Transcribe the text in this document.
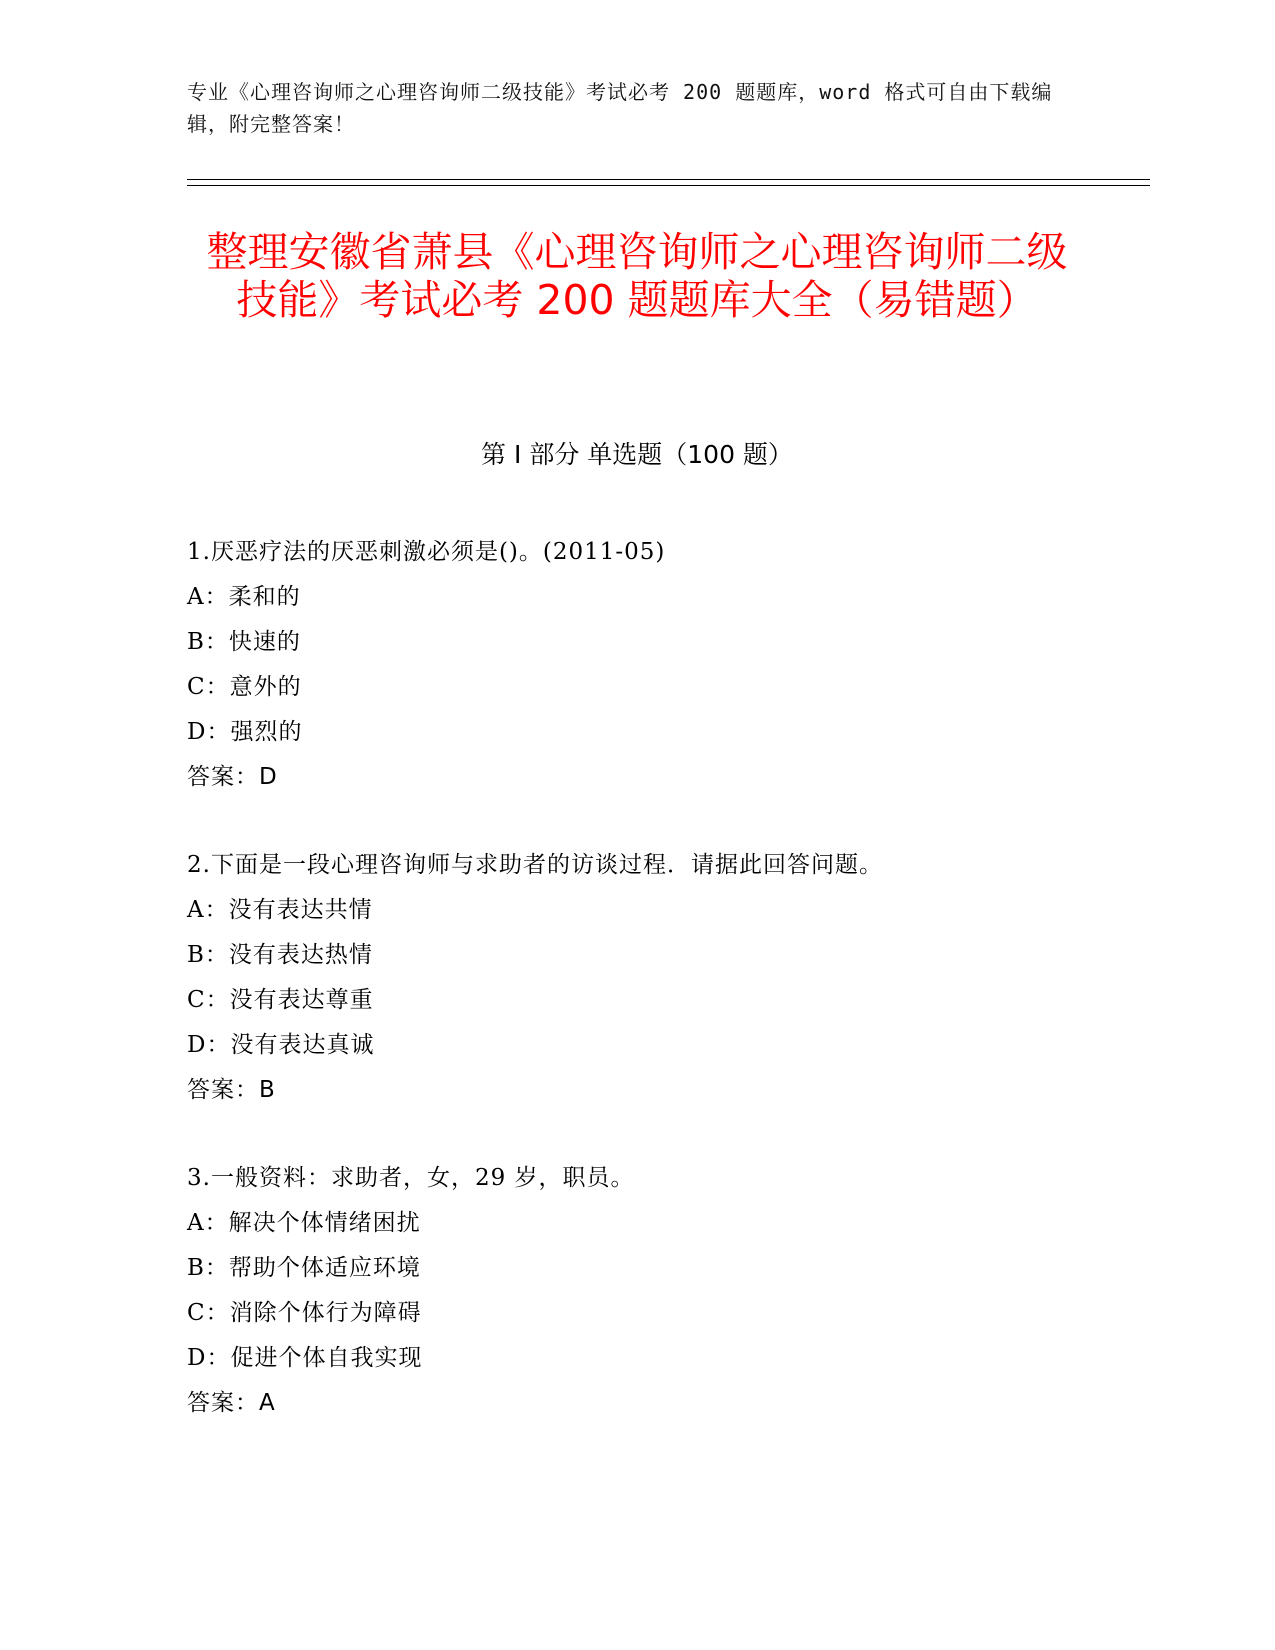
专业《心理咨询师之心理咨询师二级技能》考试必考 200 题题库，word 格式可自由下载编辑，附完整答案！
整理安徽省萧县《心理咨询师之心理咨询师二级技能》考试必考 200 题题库大全（易错题）
第 I 部分 单选题（100 题）
1.厌恶疗法的厌恶刺激必须是()。(2011-05)
A：柔和的
B：快速的
C：意外的
D：强烈的
答案：D
2.下面是一段心理咨询师与求助者的访谈过程．请据此回答问题。
A：没有表达共情
B：没有表达热情
C：没有表达尊重
D：没有表达真诚
答案：B
3.一般资料：求助者，女，29 岁，职员。
A：解决个体情绪困扰
B：帮助个体适应环境
C：消除个体行为障碍
D：促进个体自我实现
答案：A
